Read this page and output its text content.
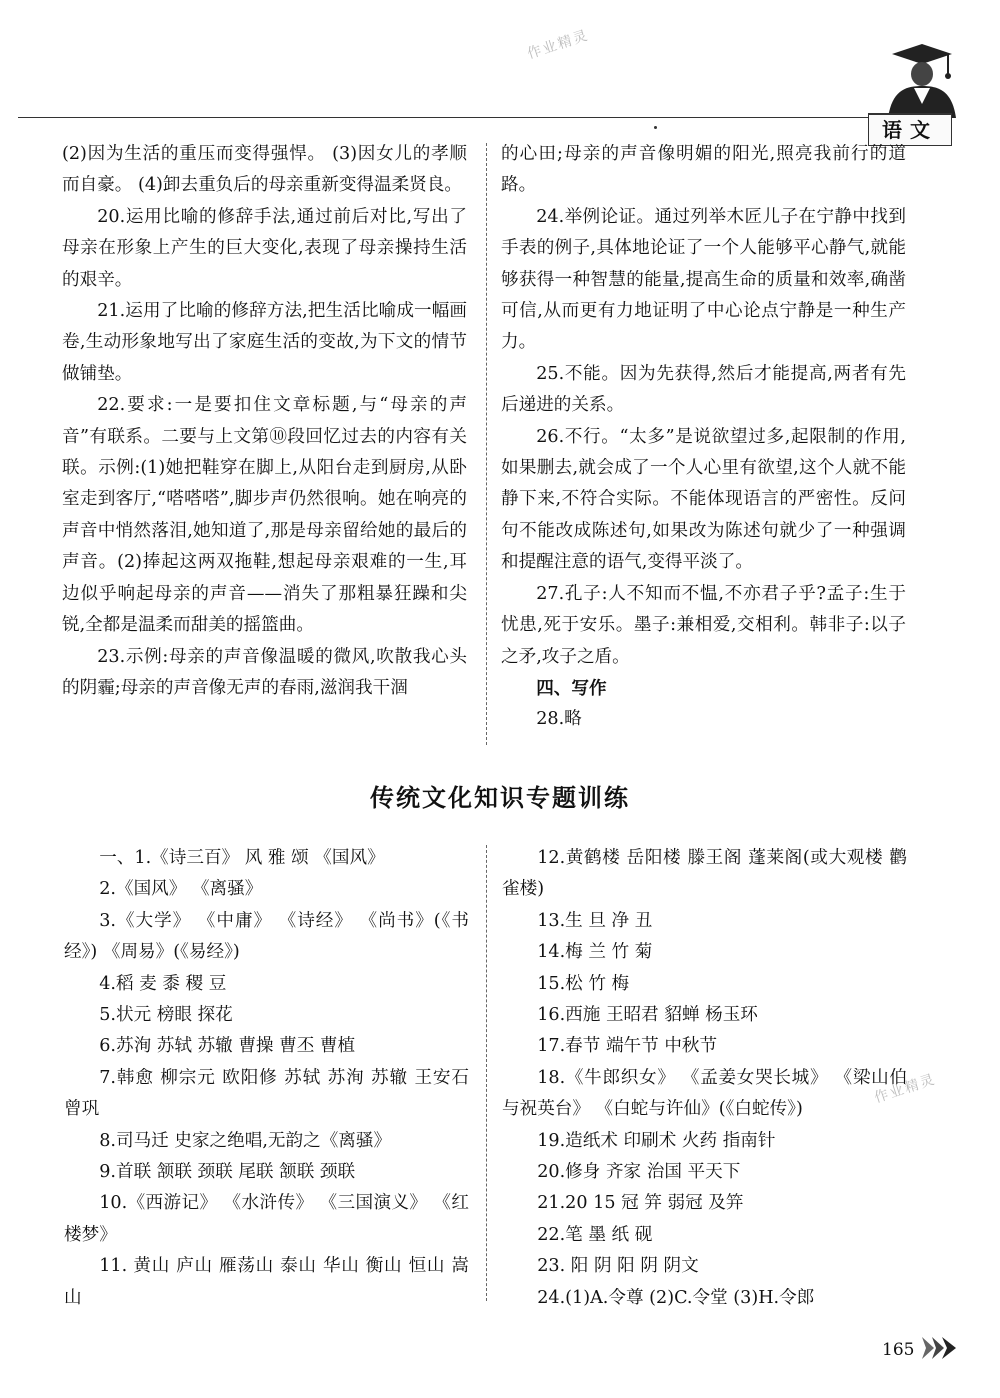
作业精灵
作业精灵
语文

(2)因为生活的重压而变得强悍。 (3)因女儿的孝顺而自豪。 (4)卸去重负后的母亲重新变得温柔贤良。

20.运用比喻的修辞手法,通过前后对比,写出了母亲在形象上产生的巨大变化,表现了母亲操持生活的艰辛。

21.运用了比喻的修辞方法,把生活比喻成一幅画卷,生动形象地写出了家庭生活的变故,为下文的情节做铺垫。

22.要求:一是要扣住文章标题,与“母亲的声音”有联系。二要与上文第⑩段回忆过去的内容有关联。示例:(1)她把鞋穿在脚上,从阳台走到厨房,从卧室走到客厅,“嗒嗒嗒”,脚步声仍然很响。她在响亮的声音中悄然落泪,她知道了,那是母亲留给她的最后的声音。(2)捧起这两双拖鞋,想起母亲艰难的一生,耳边似乎响起母亲的声音——消失了那粗暴狂躁和尖锐,全都是温柔而甜美的摇篮曲。

23.示例:母亲的声音像温暖的微风,吹散我心头的阴霾;母亲的声音像无声的春雨,滋润我干涸

的心田;母亲的声音像明媚的阳光,照亮我前行的道路。

24.举例论证。通过列举木匠儿子在宁静中找到手表的例子,具体地论证了一个人能够平心静气,就能够获得一种智慧的能量,提高生命的质量和效率,确凿可信,从而更有力地证明了中心论点宁静是一种生产力。

25.不能。因为先获得,然后才能提高,两者有先后递进的关系。

26.不行。“太多”是说欲望过多,起限制的作用,如果删去,就会成了一个人心里有欲望,这个人就不能静下来,不符合实际。不能体现语言的严密性。反问句不能改成陈述句,如果改为陈述句就少了一种强调和提醒注意的语气,变得平淡了。

27.孔子:人不知而不愠,不亦君子乎?孟子:生于忧患,死于安乐。墨子:兼相爱,交相利。韩非子:以子之矛,攻子之盾。

四、写作

28.略

传统文化知识专题训练

一、1.《诗三百》 风 雅 颂 《国风》

2.《国风》 《离骚》

3.《大学》 《中庸》 《诗经》 《尚书》(《书经》) 《周易》(《易经》)

4.稻 麦 黍 稷 豆

5.状元 榜眼 探花

6.苏洵 苏轼 苏辙 曹操 曹丕 曹植

7.韩愈 柳宗元 欧阳修 苏轼 苏洵 苏辙 王安石 曾巩

8.司马迁 史家之绝唱,无韵之《离骚》

9.首联 颔联 颈联 尾联 颔联 颈联

10.《西游记》 《水浒传》 《三国演义》 《红楼梦》

11. 黄山 庐山 雁荡山 泰山 华山 衡山 恒山 嵩山

12.黄鹤楼 岳阳楼 滕王阁 蓬莱阁(或大观楼 鹳雀楼)

13.生 旦 净 丑

14.梅 兰 竹 菊

15.松 竹 梅

16.西施 王昭君 貂蝉 杨玉环

17.春节 端午节 中秋节

18.《牛郎织女》 《孟姜女哭长城》 《梁山伯与祝英台》 《白蛇与许仙》(《白蛇传》)

19.造纸术 印刷术 火药 指南针

20.修身 齐家 治国 平天下

21.20 15 冠 笄 弱冠 及笄

22.笔 墨 纸 砚

23. 阳 阴 阳 阴 阴文

24.(1)A.令尊 (2)C.令堂 (3)H.令郎

165
